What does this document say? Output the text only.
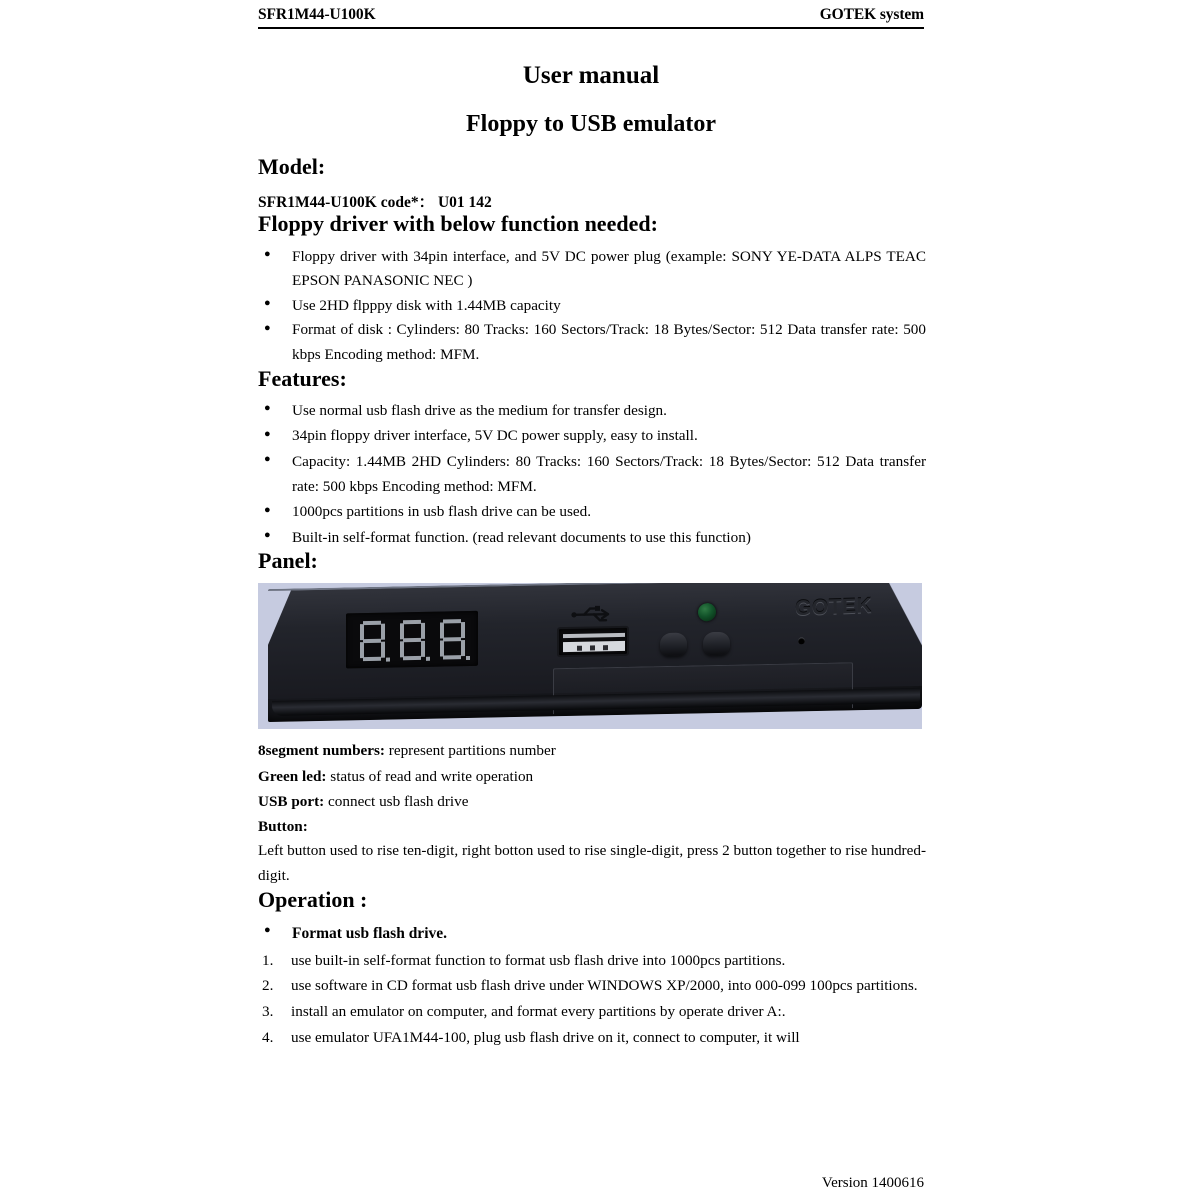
SFR1M44-U100K	GOTEK system
User manual
Floppy to USB emulator
Model:
SFR1M44-U100K code*： U01 142
Floppy driver with below function needed:
● Floppy driver with 34pin interface, and 5V DC power plug (example: SONY YE-DATA ALPS TEAC EPSON PANASONIC NEC )
● Use 2HD flpppy disk with 1.44MB capacity
● Format of disk : Cylinders: 80 Tracks: 160 Sectors/Track: 18 Bytes/Sector: 512 Data transfer rate: 500 kbps Encoding method: MFM.
Features:
● Use normal usb flash drive as the medium for transfer design.
● 34pin floppy driver interface, 5V DC power supply, easy to install.
● Capacity: 1.44MB 2HD Cylinders: 80 Tracks: 160 Sectors/Track: 18 Bytes/Sector: 512 Data transfer rate: 500 kbps Encoding method: MFM.
● 1000pcs partitions in usb flash drive can be used.
● Built-in self-format function. (read relevant documents to use this function)
Panel:
GOTEK
8segment numbers: represent partitions number
Green led: status of read and write operation
USB port: connect usb flash drive
Button:
Left button used to rise ten-digit, right botton used to rise single-digit, press 2 button together to rise hundred-digit.
Operation :
● Format usb flash drive.
use built-in self-format function to format usb flash drive into 1000pcs partitions.
use software in CD format usb flash drive under WINDOWS XP/2000, into 000-099 100pcs partitions.
install an emulator on computer, and format every partitions by operate driver A:.
use emulator UFA1M44-100, plug usb flash drive on it, connect to computer, it will
Version 1400616
